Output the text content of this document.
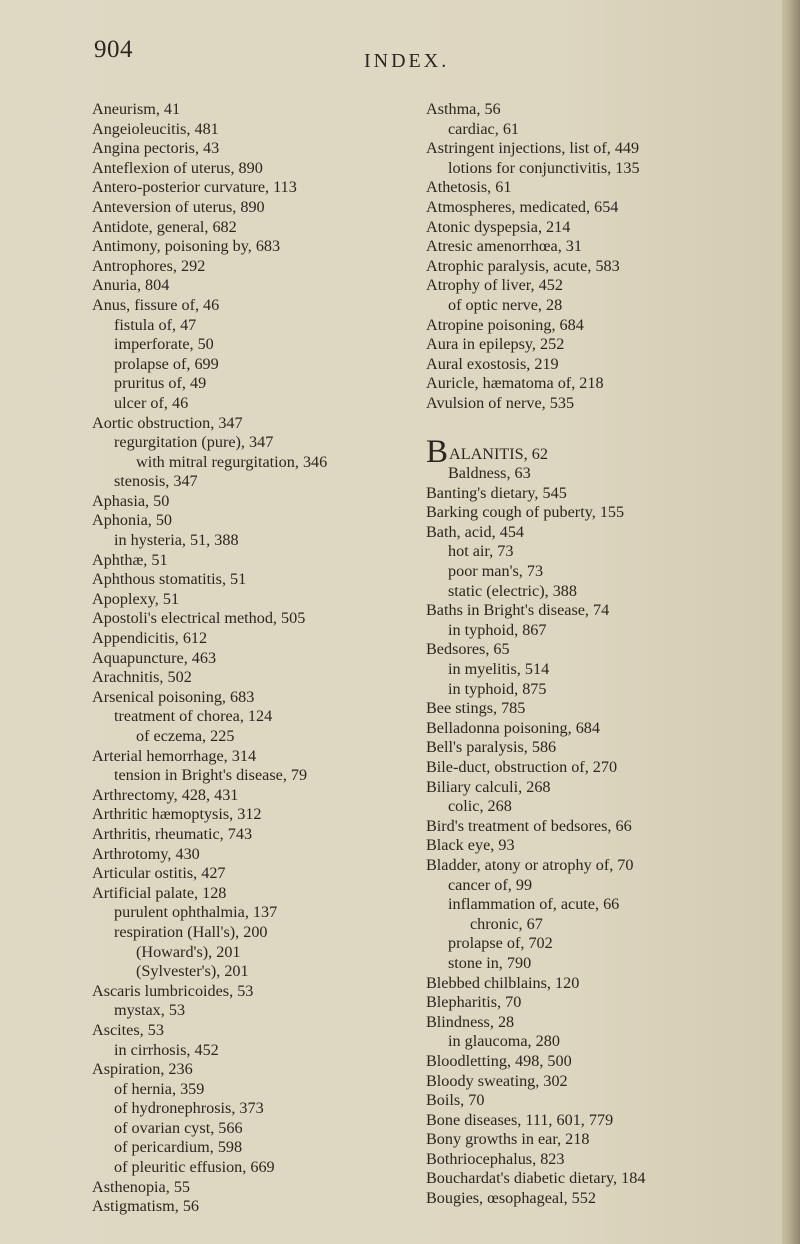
904	INDEX.
Aneurism, 41
Angeioleucitis, 481
Angina pectoris, 43
Anteflexion of uterus, 890
Antero-posterior curvature, 113
Anteversion of uterus, 890
Antidote, general, 682
Antimony, poisoning by, 683
Antrophores, 292
Anuria, 804
Anus, fissure of, 46
fistula of, 47
imperforate, 50
prolapse of, 699
pruritus of, 49
ulcer of, 46
Aortic obstruction, 347
regurgitation (pure), 347
with mitral regurgitation, 346
stenosis, 347
Aphasia, 50
Aphonia, 50
in hysteria, 51, 388
Aphthæ, 51
Aphthous stomatitis, 51
Apoplexy, 51
Apostoli's electrical method, 505
Appendicitis, 612
Aquapuncture, 463
Arachnitis, 502
Arsenical poisoning, 683
treatment of chorea, 124
of eczema, 225
Arterial hemorrhage, 314
tension in Bright's disease, 79
Arthrectomy, 428, 431
Arthritic hæmoptysis, 312
Arthritis, rheumatic, 743
Arthrotomy, 430
Articular ostitis, 427
Artificial palate, 128
purulent ophthalmia, 137
respiration (Hall's), 200
(Howard's), 201
(Sylvester's), 201
Ascaris lumbricoides, 53
mystax, 53
Ascites, 53
in cirrhosis, 452
Aspiration, 236
of hernia, 359
of hydronephrosis, 373
of ovarian cyst, 566
of pericardium, 598
of pleuritic effusion, 669
Asthenopia, 55
Astigmatism, 56
Asthma, 56
cardiac, 61
Astringent injections, list of, 449
lotions for conjunctivitis, 135
Athetosis, 61
Atmospheres, medicated, 654
Atonic dyspepsia, 214
Atresic amenorrhœa, 31
Atrophic paralysis, acute, 583
Atrophy of liver, 452
of optic nerve, 28
Atropine poisoning, 684
Aura in epilepsy, 252
Aural exostosis, 219
Auricle, hæmatoma of, 218
Avulsion of nerve, 535
BALANITIS, 62
Baldness, 63
Banting's dietary, 545
Barking cough of puberty, 155
Bath, acid, 454
hot air, 73
poor man's, 73
static (electric), 388
Baths in Bright's disease, 74
in typhoid, 867
Bedsores, 65
in myelitis, 514
in typhoid, 875
Bee stings, 785
Belladonna poisoning, 684
Bell's paralysis, 586
Bile-duct, obstruction of, 270
Biliary calculi, 268
colic, 268
Bird's treatment of bedsores, 66
Black eye, 93
Bladder, atony or atrophy of, 70
cancer of, 99
inflammation of, acute, 66
chronic, 67
prolapse of, 702
stone in, 790
Blebbed chilblains, 120
Blepharitis, 70
Blindness, 28
in glaucoma, 280
Bloodletting, 498, 500
Bloody sweating, 302
Boils, 70
Bone diseases, 111, 601, 779
Bony growths in ear, 218
Bothriocephalus, 823
Bouchardat's diabetic dietary, 184
Bougies, œsophageal, 552
